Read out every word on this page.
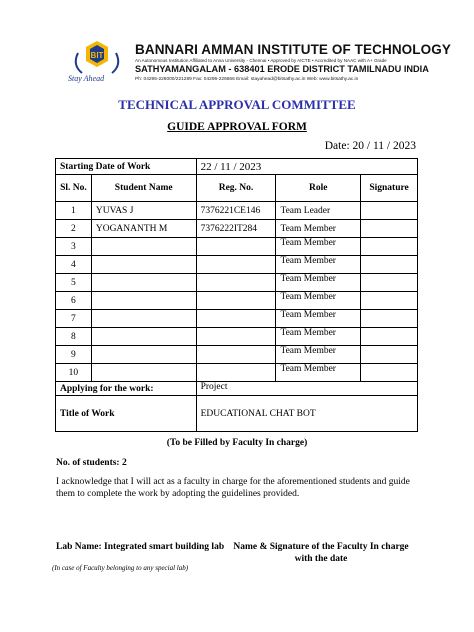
BIT
Stay Ahead
BANNARI AMMAN INSTITUTE OF TECHNOLOGY
An Autonomous Institution Affiliated to Anna University - Chennai • Approved by AICTE • Accredited by NAAC with A+ Grade
SATHYAMANGALAM - 638401 ERODE DISTRICT TAMILNADU INDIA
Ph: 04295-226000/221289 Fax: 04295-226666 Email: stayahead@bitsathy.ac.in Web: www.bitsathy.ac.in
TECHNICAL APPROVAL COMMITTEE
GUIDE APPROVAL FORM
Date: 20 / 11 / 2023
Starting Date of Work		22 / 11 / 2023		
Sl. No.	Student Name	Reg. No.	Role	Signature
1	YUVAS J	7376221CE146	Team Leader	
2	YOGANANTH M	7376222IT284	Team Member	
3			Team Member	
4			Team Member	
5			Team Member	
6			Team Member	
7			Team Member	
8			Team Member	
9			Team Member	
10			Team Member	
Applying for the work:		Project		
Title of Work		EDUCATIONAL CHAT BOT		
(To be Filled by Faculty In charge)
No. of students: 2
I acknowledge that I will act as a faculty in charge for the aforementioned students and guide them to complete the work by adopting the guidelines provided.
Lab Name: Integrated smart building lab
(In case of Faculty belonging to any special lab)
Name & Signature of the Faculty In charge with the date
